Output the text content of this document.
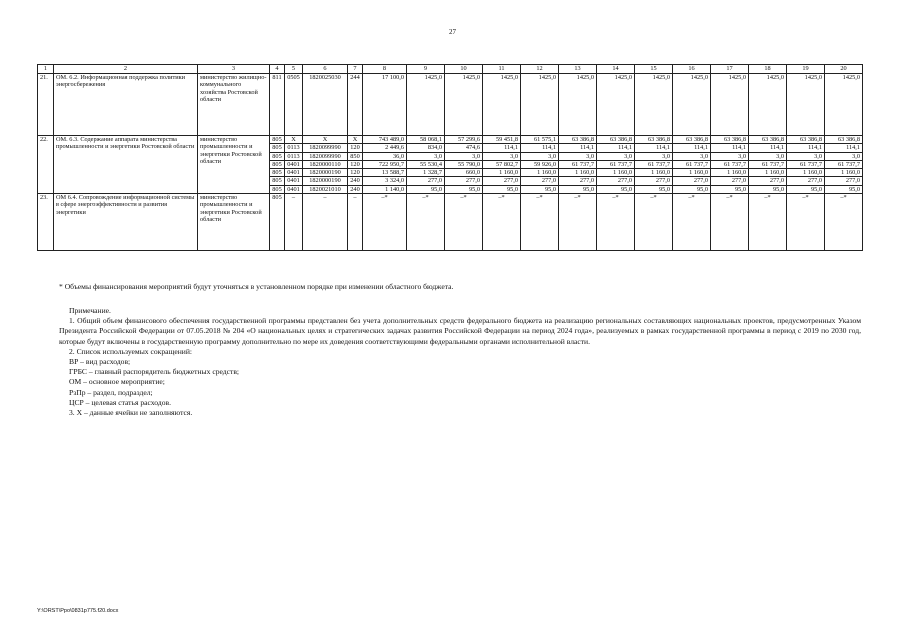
27
1	2	3	4	5	6	7	8	9	10	11	12	13	14	15	16	17	18	19	20
21.	ОМ. 6.2. Информационная поддержка политики энергосбережения	министерство жилищно-коммунального хозяйства Ростовской области	811	0505	1820025030	244	17 100,0	1425,0	1425,0	1425,0	1425,0	1425,0	1425,0	1425,0	1425,0	1425,0	1425,0	1425,0	1425,0
22.	ОМ. 6.3. Содержание аппарата министерства промышленности и энергетики Ростовской области	министерство промышленности и энергетики Ростовской области	805	Х	Х	Х	743 489,0	58 068,1	57 299,6	59 451,8	61 575,1	63 386,8	63 386,8	63 386,8	63 386,8	63 386,8	63 386,8	63 386,8	63 386,8
			805	0113	1820099990	120	2 449,6	834,0	474,6	114,1	114,1	114,1	114,1	114,1	114,1	114,1	114,1	114,1	114,1
			805	0113	1820099990	850	36,0	3,0	3,0	3,0	3,0	3,0	3,0	3,0	3,0	3,0	3,0	3,0	3,0
			805	0401	1820000110	120	722 950,7	55 530,4	55 790,0	57 802,7	59 926,0	61 737,7	61 737,7	61 737,7	61 737,7	61 737,7	61 737,7	61 737,7	61 737,7
			805	0401	1820000190	120	13 588,7	1 328,7	660,0	1 160,0	1 160,0	1 160,0	1 160,0	1 160,0	1 160,0	1 160,0	1 160,0	1 160,0	1 160,0
			805	0401	1820000190	240	3 324,0	277,0	277,0	277,0	277,0	277,0	277,0	277,0	277,0	277,0	277,0	277,0	277,0
			805	0401	1820021010	240	1 140,0	95,0	95,0	95,0	95,0	95,0	95,0	95,0	95,0	95,0	95,0	95,0	95,0
23.	ОМ 6.4. Сопровождение информационной системы в сфере энергоэффективности и развития энергетики	министерство промышленности и энергетики Ростовской области	805	–	–	–	–*	–*	–*	–*	–*	–*	–*	–*	–*	–*	–*	–*	–*
* Объемы финансирования мероприятий будут уточняться в установленном порядке при изменении областного бюджета.

Примечание.

1. Общий объем финансового обеспечения государственной программы представлен без учета дополнительных средств федерального бюджета на реализацию региональных составляющих национальных проектов, предусмотренных Указом Президента Российской Федерации от 07.05.2018 № 204 «О национальных целях и стратегических задачах развития Российской Федерации на период 2024 года», реализуемых в рамках государственной программы в период с 2019 по 2030 год, которые будут включены в государственную программу дополнительно по мере их доведения соответствующими федеральными органами исполнительной власти.

2. Список используемых сокращений:

ВР – вид расходов;

ГРБС – главный распорядитель бюджетных средств;

ОМ – основное мероприятие;

РзПр – раздел, подраздел;

ЦСР – целевая статья расходов.

3. Х – данные ячейки не заполняются.

Y:\ORST\Ppo\0831p775.f20.docx
